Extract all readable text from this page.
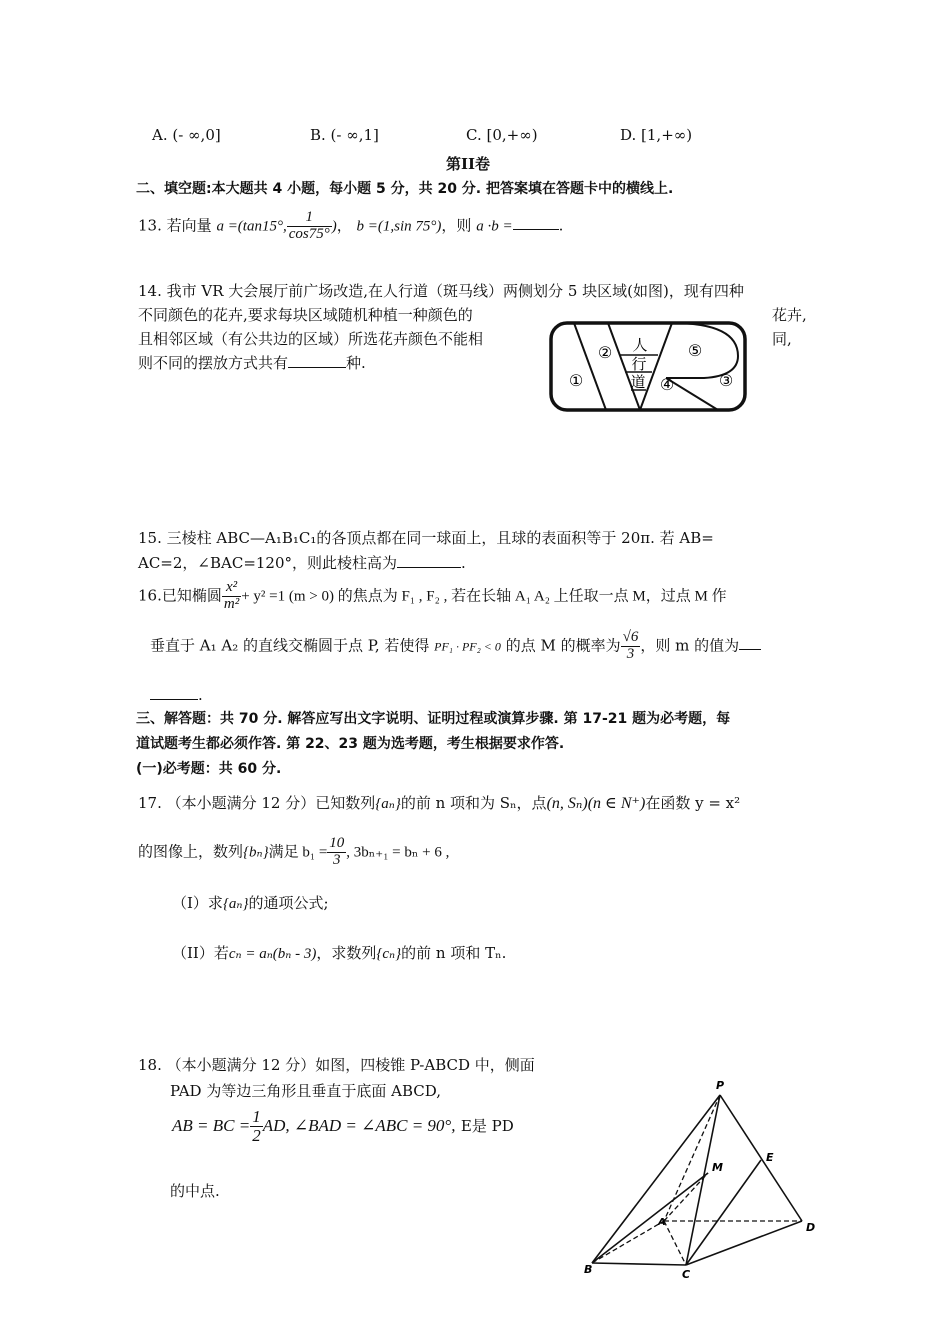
A. (- ∞,0]	B. (- ∞,1]	C. [0,+∞)	D. [1,+∞)
第II卷
二、填空题:本大题共 4 小题，每小题 5 分，共 20 分. 把答案填在答题卡中的横线上.
13. 若向量 a =(tan15°, $\frac{1}{\cos 75^\circ}$ )， b =(1,sin 75°)，则 a ·b =	.
14. 我市 VR 大会展厅前广场改造,在人行道（斑马线）两侧划分 5 块区域(如图)，现有四种
不同颜色的花卉,要求每块区域随机种植一种颜色的	花卉,
且相邻区域（有公共边的区域）所选花卉颜色不能相	同,
则不同的摆放方式共有	种.
①
②
③
④
⑤
人
行
道
15. 三棱柱 ABC—A₁B₁C₁的各顶点都在同一球面上，且球的表面积等于 20π. 若 AB=
AC=2，∠BAC=120°，则此棱柱高为	.
16.已知椭圆 $\frac{\text{x²}}{\text{m²}} + y^2 =1$ (m > 0) 的焦点为 F₁ , F₂ , 若在长轴 A₁ A₂ 上任取一点 M，过点 M 作
垂直于 A₁ A₂ 的直线交椭圆于点 P, 若使得 PF₁ · PF₂ < 0 的点 M 的概率为 $\frac{√6}{3}$ ，则 m 的值为
.
三、解答题：共 70 分. 解答应写出文字说明、证明过程或演算步骤. 第 17-21 题为必考题，每
道试题考生都必须作答. 第 22、23 题为选考题，考生根据要求作答.
(一)必考题：共 60 分.
17. （本小题满分 12 分）已知数列{aₙ}的前 n 项和为 Sₙ，点(n, Sₙ)(n ∈ N⁺)在函数 y = x²
的图像上，数列{bₙ}满足 $b_1 = \frac{10}{3}$ , 3bₙ₊₁ = bₙ + 6 ,
（I）求{aₙ}的通项公式;
（II）若cₙ = aₙ(bₙ - 3)，求数列{cₙ}的前 n 项和 Tₙ.
18. （本小题满分 12 分）如图，四棱锥 P-ABCD 中，侧面
PAD 为等边三角形且垂直于底面 ABCD,
AB = BC = $\frac{1}{2}$ AD, ∠BAD = ∠ABC = 90°, E是 PD
的中点.
P
M
E
A	D
B	C
